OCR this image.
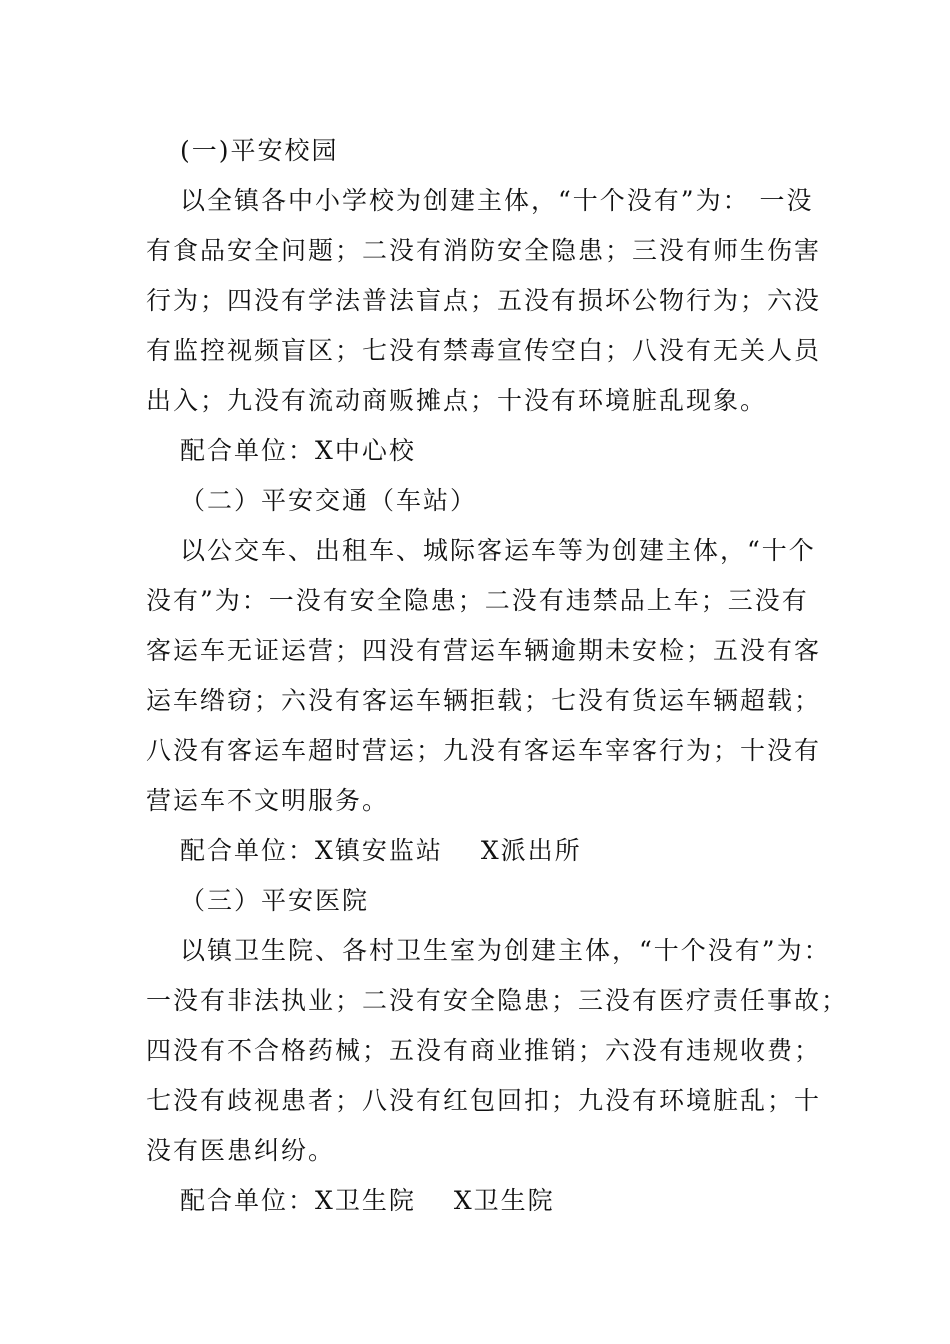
(一)平安校园
以全镇各中小学校为创建主体，“十个没有”为： 一没
有食品安全问题；二没有消防安全隐患；三没有师生伤害
行为；四没有学法普法盲点；五没有损坏公物行为；六没
有监控视频盲区；七没有禁毒宣传空白；八没有无关人员
出入；九没有流动商贩摊点；十没有环境脏乱现象。
配合单位：X中心校
（二）平安交通（车站）
以公交车、出租车、城际客运车等为创建主体，“十个
没有”为：一没有安全隐患；二没有违禁品上车；三没有
客运车无证运营；四没有营运车辆逾期未安检；五没有客
运车绺窃；六没有客运车辆拒载；七没有货运车辆超载；
八没有客运车超时营运；九没有客运车宰客行为；十没有
营运车不文明服务。
配合单位：X镇安监站 X派出所
（三）平安医院
以镇卫生院、各村卫生室为创建主体，“十个没有”为：
一没有非法执业；二没有安全隐患；三没有医疗责任事故；
四没有不合格药械；五没有商业推销；六没有违规收费；
七没有歧视患者；八没有红包回扣；九没有环境脏乱；十
没有医患纠纷。
配合单位：X卫生院 X卫生院
